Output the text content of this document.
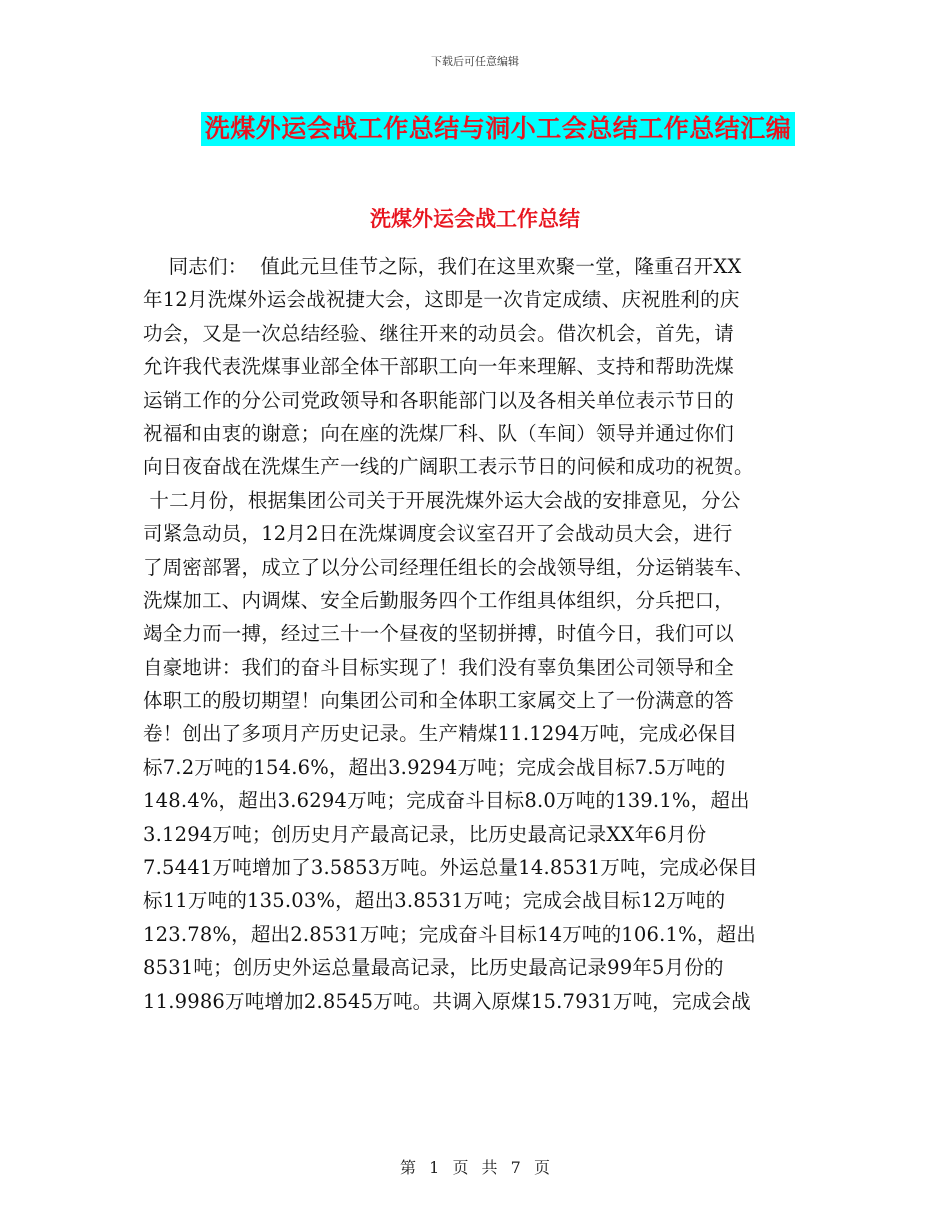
下载后可任意编辑
洗煤外运会战工作总结与洞小工会总结工作总结汇编
洗煤外运会战工作总结
同志们：  值此元旦佳节之际，我们在这里欢聚一堂，隆重召开XX
年12月洗煤外运会战祝捷大会，这即是一次肯定成绩、庆祝胜利的庆
功会，又是一次总结经验、继往开来的动员会。借次机会，首先，请
允许我代表洗煤事业部全体干部职工向一年来理解、支持和帮助洗煤
运销工作的分公司党政领导和各职能部门以及各相关单位表示节日的
祝福和由衷的谢意；向在座的洗煤厂科、队（车间）领导并通过你们
向日夜奋战在洗煤生产一线的广阔职工表示节日的问候和成功的祝贺。
十二月份，根据集团公司关于开展洗煤外运大会战的安排意见，分公
司紧急动员，12月2日在洗煤调度会议室召开了会战动员大会，进行
了周密部署，成立了以分公司经理任组长的会战领导组，分运销装车、
洗煤加工、内调煤、安全后勤服务四个工作组具体组织，分兵把口，
竭全力而一搏，经过三十一个昼夜的坚韧拼搏，时值今日，我们可以
自豪地讲：我们的奋斗目标实现了！我们没有辜负集团公司领导和全
体职工的殷切期望！向集团公司和全体职工家属交上了一份满意的答
卷！创出了多项月产历史记录。生产精煤11.1294万吨，完成必保目
标7.2万吨的154.6%，超出3.9294万吨；完成会战目标7.5万吨的
148.4%，超出3.6294万吨；完成奋斗目标8.0万吨的139.1%，超出
3.1294万吨；创历史月产最高记录，比历史最高记录XX年6月份
7.5441万吨增加了3.5853万吨。外运总量14.8531万吨，完成必保目
标11万吨的135.03%，超出3.8531万吨；完成会战目标12万吨的
123.78%，超出2.8531万吨；完成奋斗目标14万吨的106.1%，超出
8531吨；创历史外运总量最高记录，比历史最高记录99年5月份的
11.9986万吨增加2.8545万吨。共调入原煤15.7931万吨，完成会战
第 1 页 共 7 页
